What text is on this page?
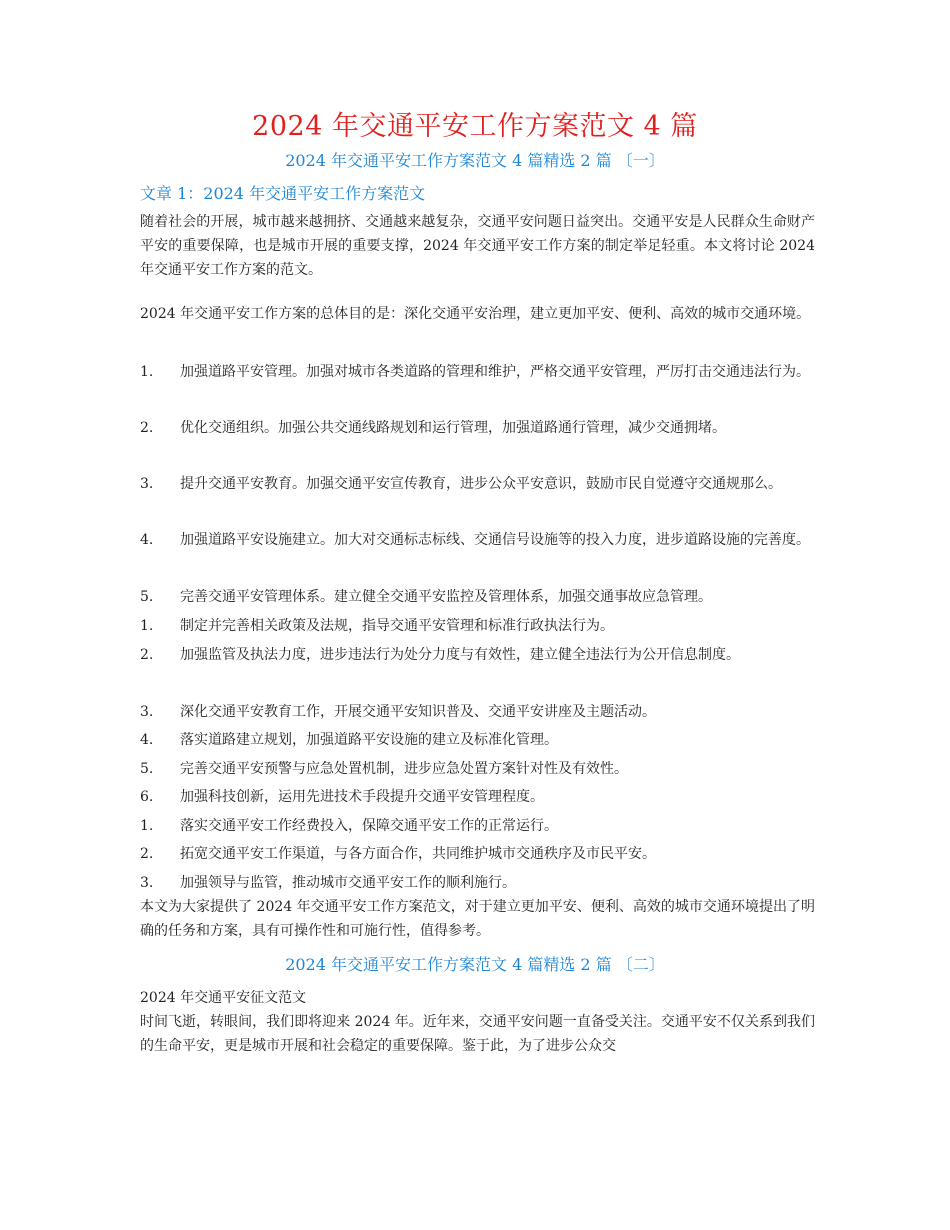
2024 年交通平安工作方案范文 4 篇
2024 年交通平安工作方案范文 4 篇精选 2 篇 〔一〕
文章 1：2024 年交通平安工作方案范文
随着社会的开展，城市越来越拥挤、交通越来越复杂，交通平安问题日益突出。交通平安是人民群众生命财产平安的重要保障，也是城市开展的重要支撑，2024 年交通平安工作方案的制定举足轻重。本文将讨论 2024 年交通平安工作方案的范文。
2024 年交通平安工作方案的总体目的是：深化交通平安治理，建立更加平安、便利、高效的城市交通环境。
1. 加强道路平安管理。加强对城市各类道路的管理和维护，严格交通平安管理，严厉打击交通违法行为。
2. 优化交通组织。加强公共交通线路规划和运行管理，加强道路通行管理，减少交通拥堵。
3. 提升交通平安教育。加强交通平安宣传教育，进步公众平安意识，鼓励市民自觉遵守交通规那么。
4. 加强道路平安设施建立。加大对交通标志标线、交通信号设施等的投入力度，进步道路设施的完善度。
5. 完善交通平安管理体系。建立健全交通平安监控及管理体系，加强交通事故应急管理。
1. 制定并完善相关政策及法规，指导交通平安管理和标准行政执法行为。
2. 加强监管及执法力度，进步违法行为处分力度与有效性，建立健全违法行为公开信息制度。
3. 深化交通平安教育工作，开展交通平安知识普及、交通平安讲座及主题活动。
4. 落实道路建立规划，加强道路平安设施的建立及标准化管理。
5. 完善交通平安预警与应急处置机制，进步应急处置方案针对性及有效性。
6. 加强科技创新，运用先进技术手段提升交通平安管理程度。
1. 落实交通平安工作经费投入，保障交通平安工作的正常运行。
2. 拓宽交通平安工作渠道，与各方面合作，共同维护城市交通秩序及市民平安。
3. 加强领导与监管，推动城市交通平安工作的顺利施行。
本文为大家提供了 2024 年交通平安工作方案范文，对于建立更加平安、便利、高效的城市交通环境提出了明确的任务和方案，具有可操作性和可施行性，值得参考。
2024 年交通平安工作方案范文 4 篇精选 2 篇 〔二〕
2024 年交通平安征文范文
时间飞逝，转眼间，我们即将迎来 2024 年。近年来，交通平安问题一直备受关注。交通平安不仅关系到我们的生命平安，更是城市开展和社会稳定的重要保障。鉴于此，为了进步公众交
